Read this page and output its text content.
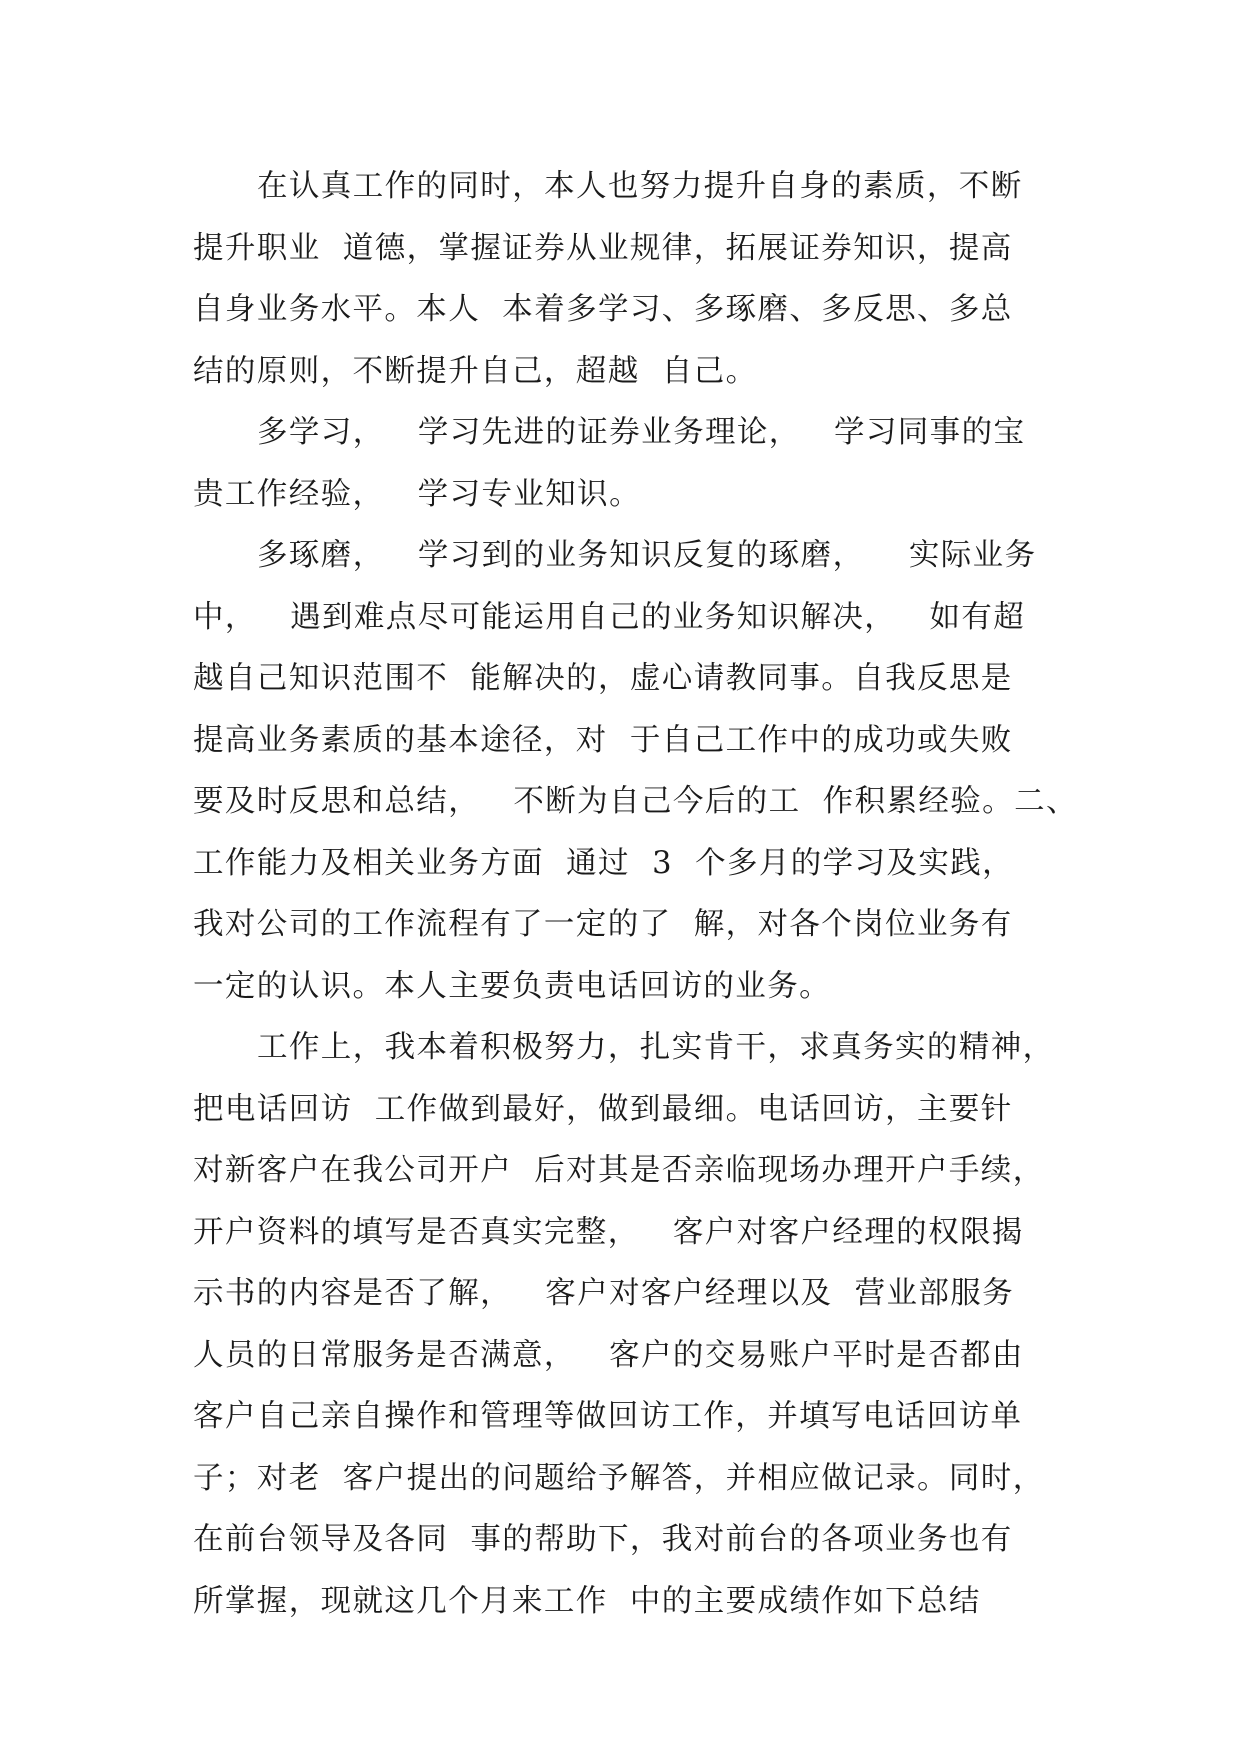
在认真工作的同时，本人也努力提升自身的素质，不断
提升职业  道德，掌握证券从业规律，拓展证券知识，提高
自身业务水平。本人  本着多学习、多琢磨、多反思、多总
结的原则，不断提升自己，超越  自己。
多学习，   学习先进的证券业务理论，   学习同事的宝
贵工作经验，   学习专业知识。
多琢磨，   学习到的业务知识反复的琢磨，    实际业务
中，   遇到难点尽可能运用自己的业务知识解决，   如有超
越自己知识范围不  能解决的，虚心请教同事。自我反思是
提高业务素质的基本途径，对  于自己工作中的成功或失败
要及时反思和总结，   不断为自己今后的工  作积累经验。二、
工作能力及相关业务方面  通过  3  个多月的学习及实践，
我对公司的工作流程有了一定的了  解，对各个岗位业务有
一定的认识。本人主要负责电话回访的业务。
工作上，我本着积极努力，扎实肯干，求真务实的精神，
把电话回访  工作做到最好，做到最细。电话回访，主要针
对新客户在我公司开户  后对其是否亲临现场办理开户手续，
开户资料的填写是否真实完整，   客户对客户经理的权限揭
示书的内容是否了解，   客户对客户经理以及  营业部服务
人员的日常服务是否满意，   客户的交易账户平时是否都由
客户自己亲自操作和管理等做回访工作，并填写电话回访单
子；对老  客户提出的问题给予解答，并相应做记录。同时，
在前台领导及各同  事的帮助下，我对前台的各项业务也有
所掌握，现就这几个月来工作  中的主要成绩作如下总结
